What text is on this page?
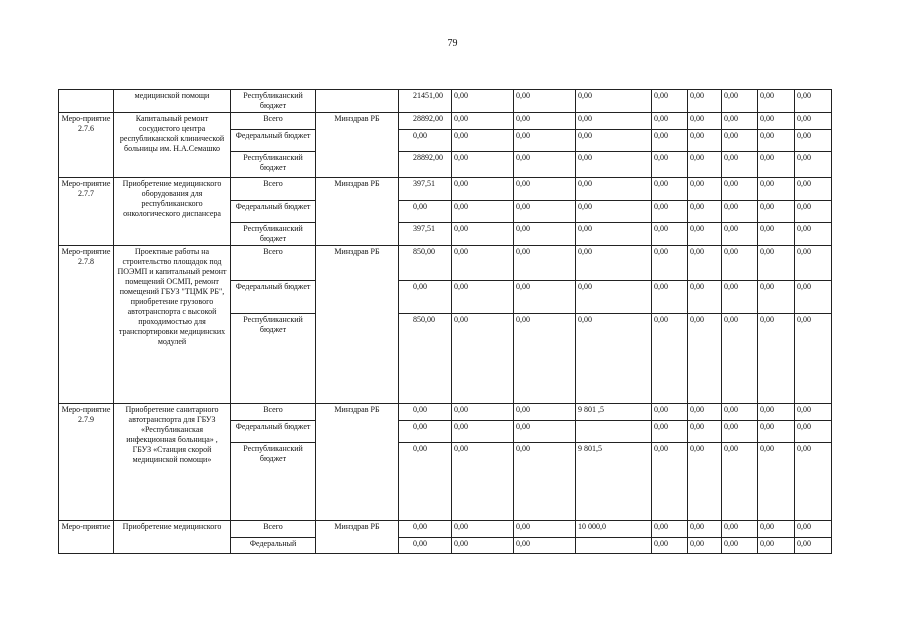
79
	медицинской помощи	Республиканский бюджет		21451,00	0,00	0,00	0,00	0,00	0,00	0,00	0,00	0,00
Меро-приятие 2.7.6	Капитальный ремонт сосудистого центра республиканской клинической больницы им. Н.А.Семашко	Всего	Минздрав РБ	28892,00	0,00	0,00	0,00	0,00	0,00	0,00	0,00	0,00
		Федеральный бюджет		0,00	0,00	0,00	0,00	0,00	0,00	0,00	0,00	0,00
		Республиканский бюджет		28892,00	0,00	0,00	0,00	0,00	0,00	0,00	0,00	0,00
Меро-приятие 2.7.7	Приобретение медицинского оборудования для республиканского онкологического диспансера	Всего	Минздрав РБ	397,51	0,00	0,00	0,00	0,00	0,00	0,00	0,00	0,00
		Федеральный бюджет		0,00	0,00	0,00	0,00	0,00	0,00	0,00	0,00	0,00
		Республиканский бюджет		397,51	0,00	0,00	0,00	0,00	0,00	0,00	0,00	0,00
Меро-приятие 2.7.8	Проектные работы на строительство площадок под ПОЭМП и капитальный ремонт помещений ОСМП, ремонт помещений ГБУЗ "ТЦМК РБ", приобретение грузового автотранспорта с высокой проходимостью для транспортировки медицинских модулей	Всего	Минздрав РБ	850,00	0,00	0,00	0,00	0,00	0,00	0,00	0,00	0,00
		Федеральный бюджет		0,00	0,00	0,00	0,00	0,00	0,00	0,00	0,00	0,00
		Республиканский бюджет		850,00	0,00	0,00	0,00	0,00	0,00	0,00	0,00	0,00
Меро-приятие 2.7.9	Приобретение санитарного автотранспорта для ГБУЗ «Республиканская инфекционная больница» , ГБУЗ «Станция скорой медицинской помощи»	Всего	Минздрав РБ	0,00	0,00	0,00	9 801 ,5	0,00	0,00	0,00	0,00	0,00
		Федеральный бюджет		0,00	0,00	0,00		0,00	0,00	0,00	0,00	0,00
		Республиканский бюджет		0,00	0,00	0,00	9 801,5	0,00	0,00	0,00	0,00	0,00
Меро-приятие	Приобретение медицинского	Всего	Минздрав РБ	0,00	0,00	0,00	10 000,0	0,00	0,00	0,00	0,00	0,00
		Федеральный		0,00	0,00	0,00		0,00	0,00	0,00	0,00	0,00
